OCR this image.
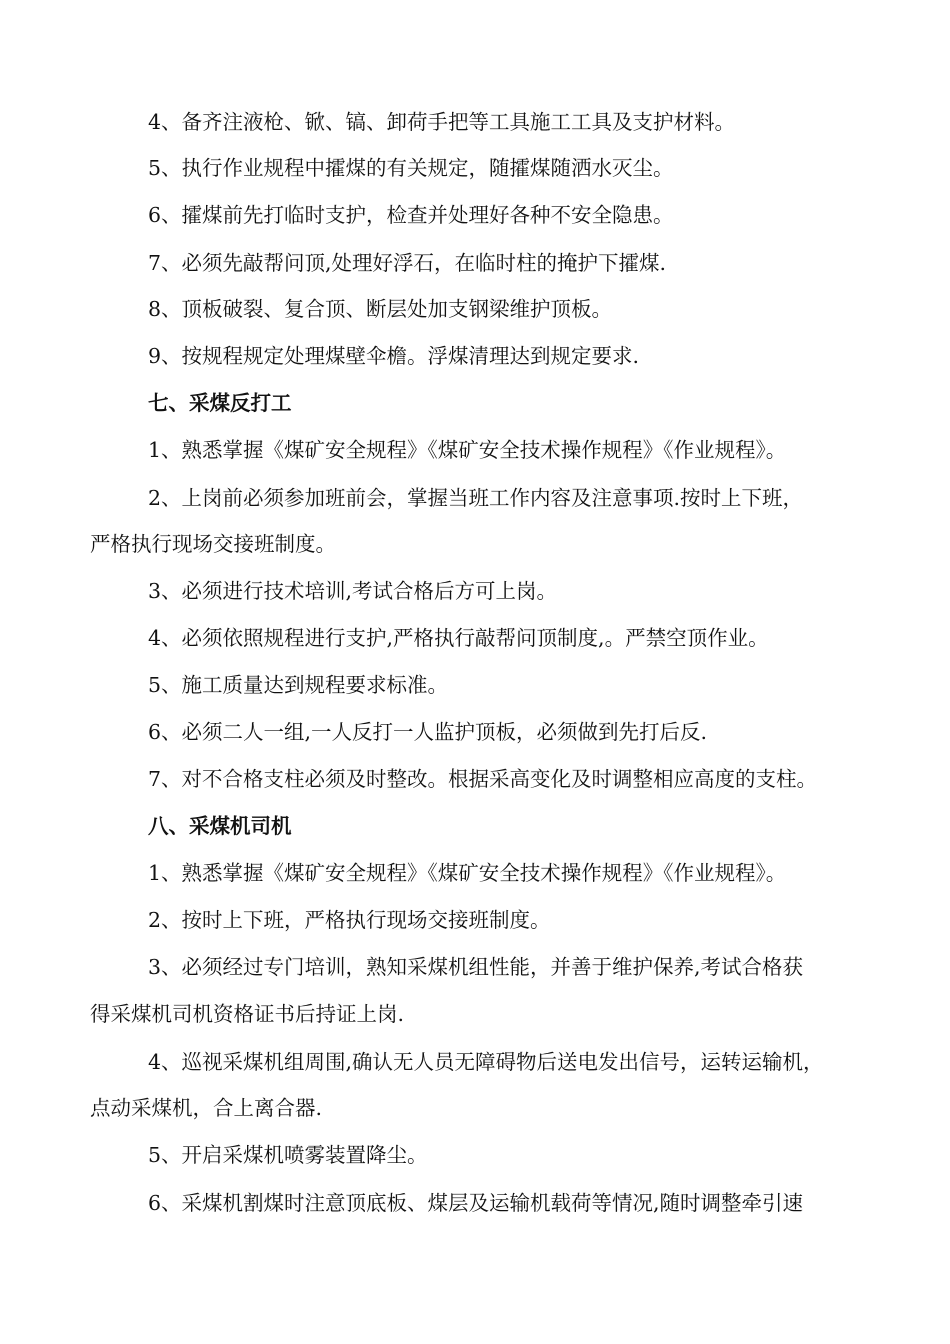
4、备齐注液枪、锨、镐、卸荷手把等工具施工工具及支护材料。
5、执行作业规程中攉煤的有关规定，随攉煤随洒水灭尘。
6、攉煤前先打临时支护，检查并处理好各种不安全隐患。
7、必须先敲帮问顶,处理好浮石，在临时柱的掩护下攉煤.
8、顶板破裂、复合顶、断层处加支钢梁维护顶板。
9、按规程规定处理煤壁伞檐。浮煤清理达到规定要求.
七、采煤反打工
1、熟悉掌握《煤矿安全规程》《煤矿安全技术操作规程》《作业规程》。
2、上岗前必须参加班前会，掌握当班工作内容及注意事项.按时上下班，
严格执行现场交接班制度。
3、必须进行技术培训,考试合格后方可上岗。
4、必须依照规程进行支护,严格执行敲帮问顶制度,。严禁空顶作业。
5、施工质量达到规程要求标准。
6、必须二人一组,一人反打一人监护顶板，必须做到先打后反.
7、对不合格支柱必须及时整改。根据采高变化及时调整相应高度的支柱。
八、采煤机司机
1、熟悉掌握《煤矿安全规程》《煤矿安全技术操作规程》《作业规程》。
2、按时上下班，严格执行现场交接班制度。
3、必须经过专门培训，熟知采煤机组性能，并善于维护保养,考试合格获
得采煤机司机资格证书后持证上岗.
4、巡视采煤机组周围,确认无人员无障碍物后送电发出信号，运转运输机，
点动采煤机，合上离合器.
5、开启采煤机喷雾装置降尘。
6、采煤机割煤时注意顶底板、煤层及运输机载荷等情况,随时调整牵引速
